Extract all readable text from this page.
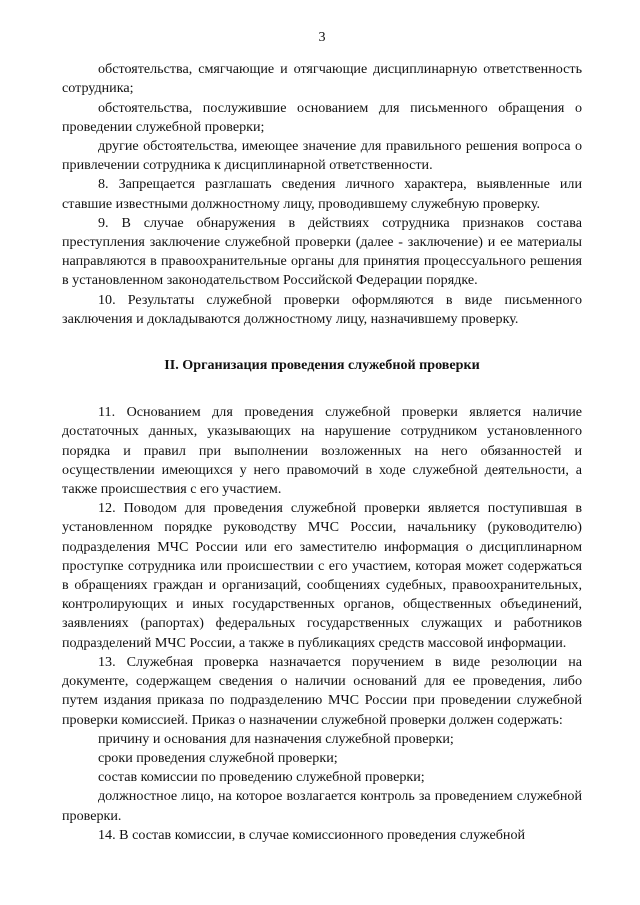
3

обстоятельства, смягчающие и отягчающие дисциплинарную ответственность сотрудника;

обстоятельства, послужившие основанием для письменного обращения о проведении служебной проверки;

другие обстоятельства, имеющее значение для правильного решения вопроса о привлечении сотрудника к дисциплинарной ответственности.

8. Запрещается разглашать сведения личного характера, выявленные или ставшие известными должностному лицу, проводившему служебную проверку.

9. В случае обнаружения в действиях сотрудника признаков состава преступления заключение служебной проверки (далее - заключение) и ее материалы направляются в правоохранительные органы для принятия процессуального решения в установленном законодательством Российской Федерации порядке.

10. Результаты служебной проверки оформляются в виде письменного заключения и докладываются должностному лицу, назначившему проверку.

II. Организация проведения служебной проверки

11. Основанием для проведения служебной проверки является наличие достаточных данных, указывающих на нарушение сотрудником установленного порядка и правил при выполнении возложенных на него обязанностей и осуществлении имеющихся у него правомочий в ходе служебной деятельности, а также происшествия с его участием.

12. Поводом для проведения служебной проверки является поступившая в установленном порядке руководству МЧС России, начальнику (руководителю) подразделения МЧС России или его заместителю информация о дисциплинарном проступке сотрудника или происшествии с его участием, которая может содержаться в обращениях граждан и организаций, сообщениях судебных, правоохранительных, контролирующих и иных государственных органов, общественных объединений, заявлениях (рапортах) федеральных государственных служащих и работников подразделений МЧС России, а также в публикациях средств массовой информации.

13. Служебная проверка назначается поручением в виде резолюции на документе, содержащем сведения о наличии оснований для ее проведения, либо путем издания приказа по подразделению МЧС России при проведении служебной проверки комиссией. Приказ о назначении служебной проверки должен содержать:

причину и основания для назначения служебной проверки;

сроки проведения служебной проверки;

состав комиссии по проведению служебной проверки;

должностное лицо, на которое возлагается контроль за проведением служебной проверки.

14. В состав комиссии, в случае комиссионного проведения служебной
